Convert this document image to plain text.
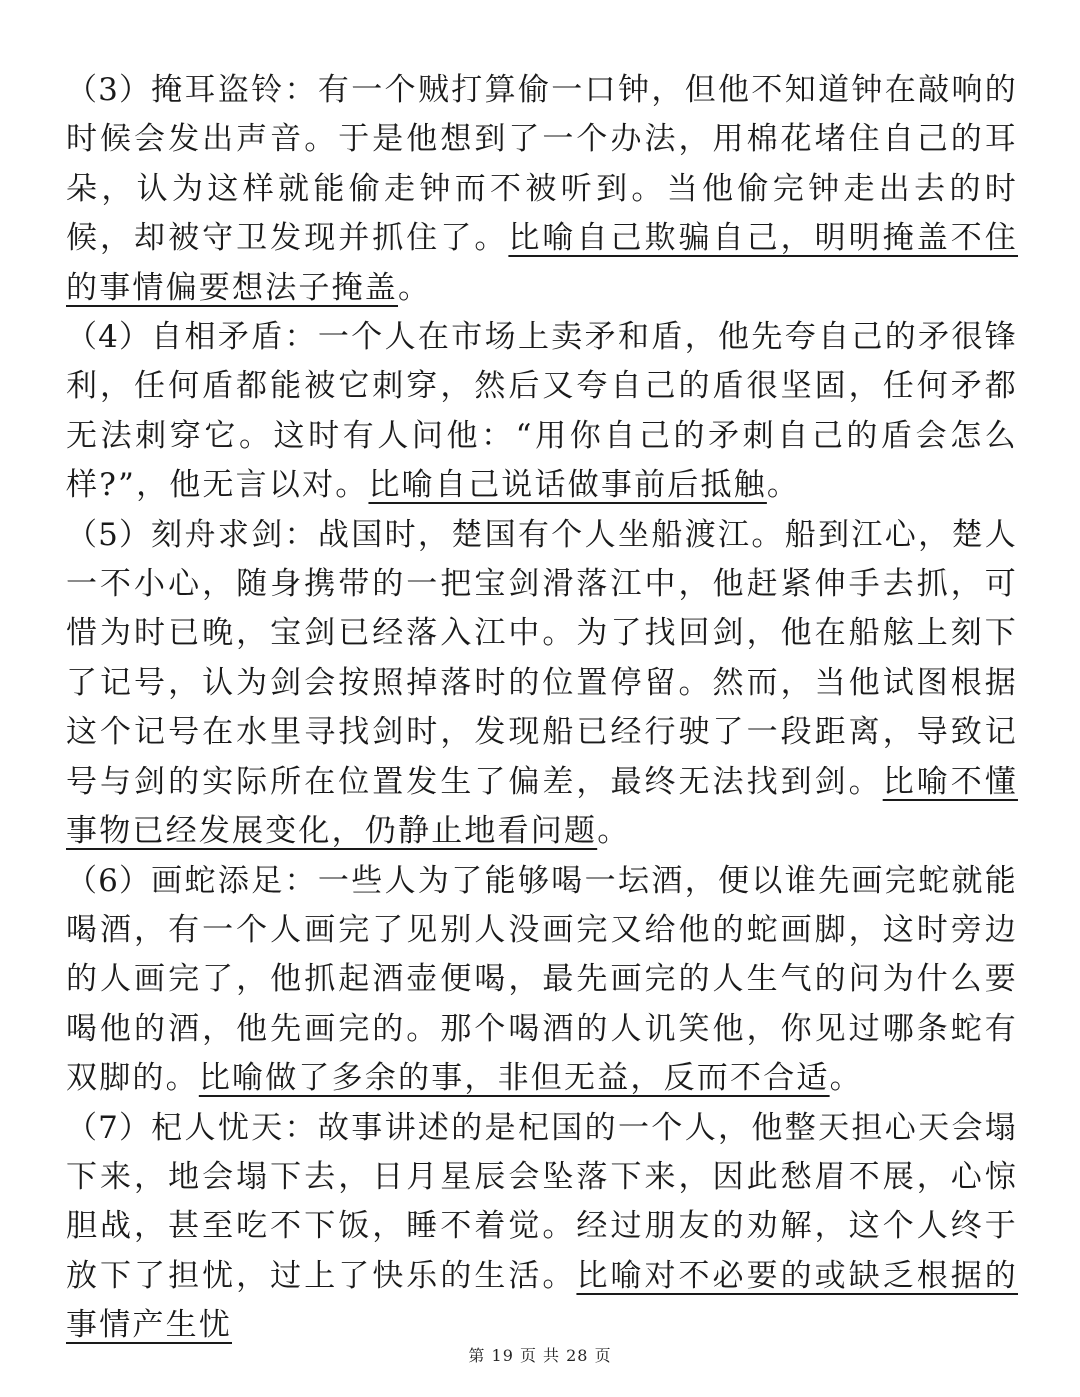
（3）掩耳盗铃：有一个贼打算偷一口钟，但他不知道钟在敲响的时候会发出声音。于是他想到了一个办法，用棉花堵住自己的耳朵，认为这样就能偷走钟而不被听到。当他偷完钟走出去的时候，却被守卫发现并抓住了。比喻自己欺骗自己，明明掩盖不住的事情偏要想法子掩盖。

（4）自相矛盾：一个人在市场上卖矛和盾，他先夸自己的矛很锋利，任何盾都能被它刺穿，然后又夸自己的盾很坚固，任何矛都无法刺穿它。这时有人问他：“用你自己的矛刺自己的盾会怎么样?”，他无言以对。比喻自己说话做事前后抵触。

（5）刻舟求剑：战国时，楚国有个人坐船渡江。船到江心，楚人一不小心，随身携带的一把宝剑滑落江中，他赶紧伸手去抓，可惜为时已晚，宝剑已经落入江中。为了找回剑，他在船舷上刻下了记号，认为剑会按照掉落时的位置停留。然而，当他试图根据这个记号在水里寻找剑时，发现船已经行驶了一段距离，导致记号与剑的实际所在位置发生了偏差，最终无法找到剑。比喻不懂事物已经发展变化，仍静止地看问题。

（6）画蛇添足：一些人为了能够喝一坛酒，便以谁先画完蛇就能喝酒，有一个人画完了见别人没画完又给他的蛇画脚，这时旁边的人画完了，他抓起酒壶便喝，最先画完的人生气的问为什么要喝他的酒，他先画完的。那个喝酒的人讥笑他，你见过哪条蛇有双脚的。比喻做了多余的事，非但无益，反而不合适。

（7）杞人忧天：故事讲述的是杞国的一个人，他整天担心天会塌下来，地会塌下去，日月星辰会坠落下来，因此愁眉不展，心惊胆战，甚至吃不下饭，睡不着觉。经过朋友的劝解，这个人终于放下了担忧，过上了快乐的生活。比喻对不必要的或缺乏根据的事情产生忧

第 19 页 共 28 页
